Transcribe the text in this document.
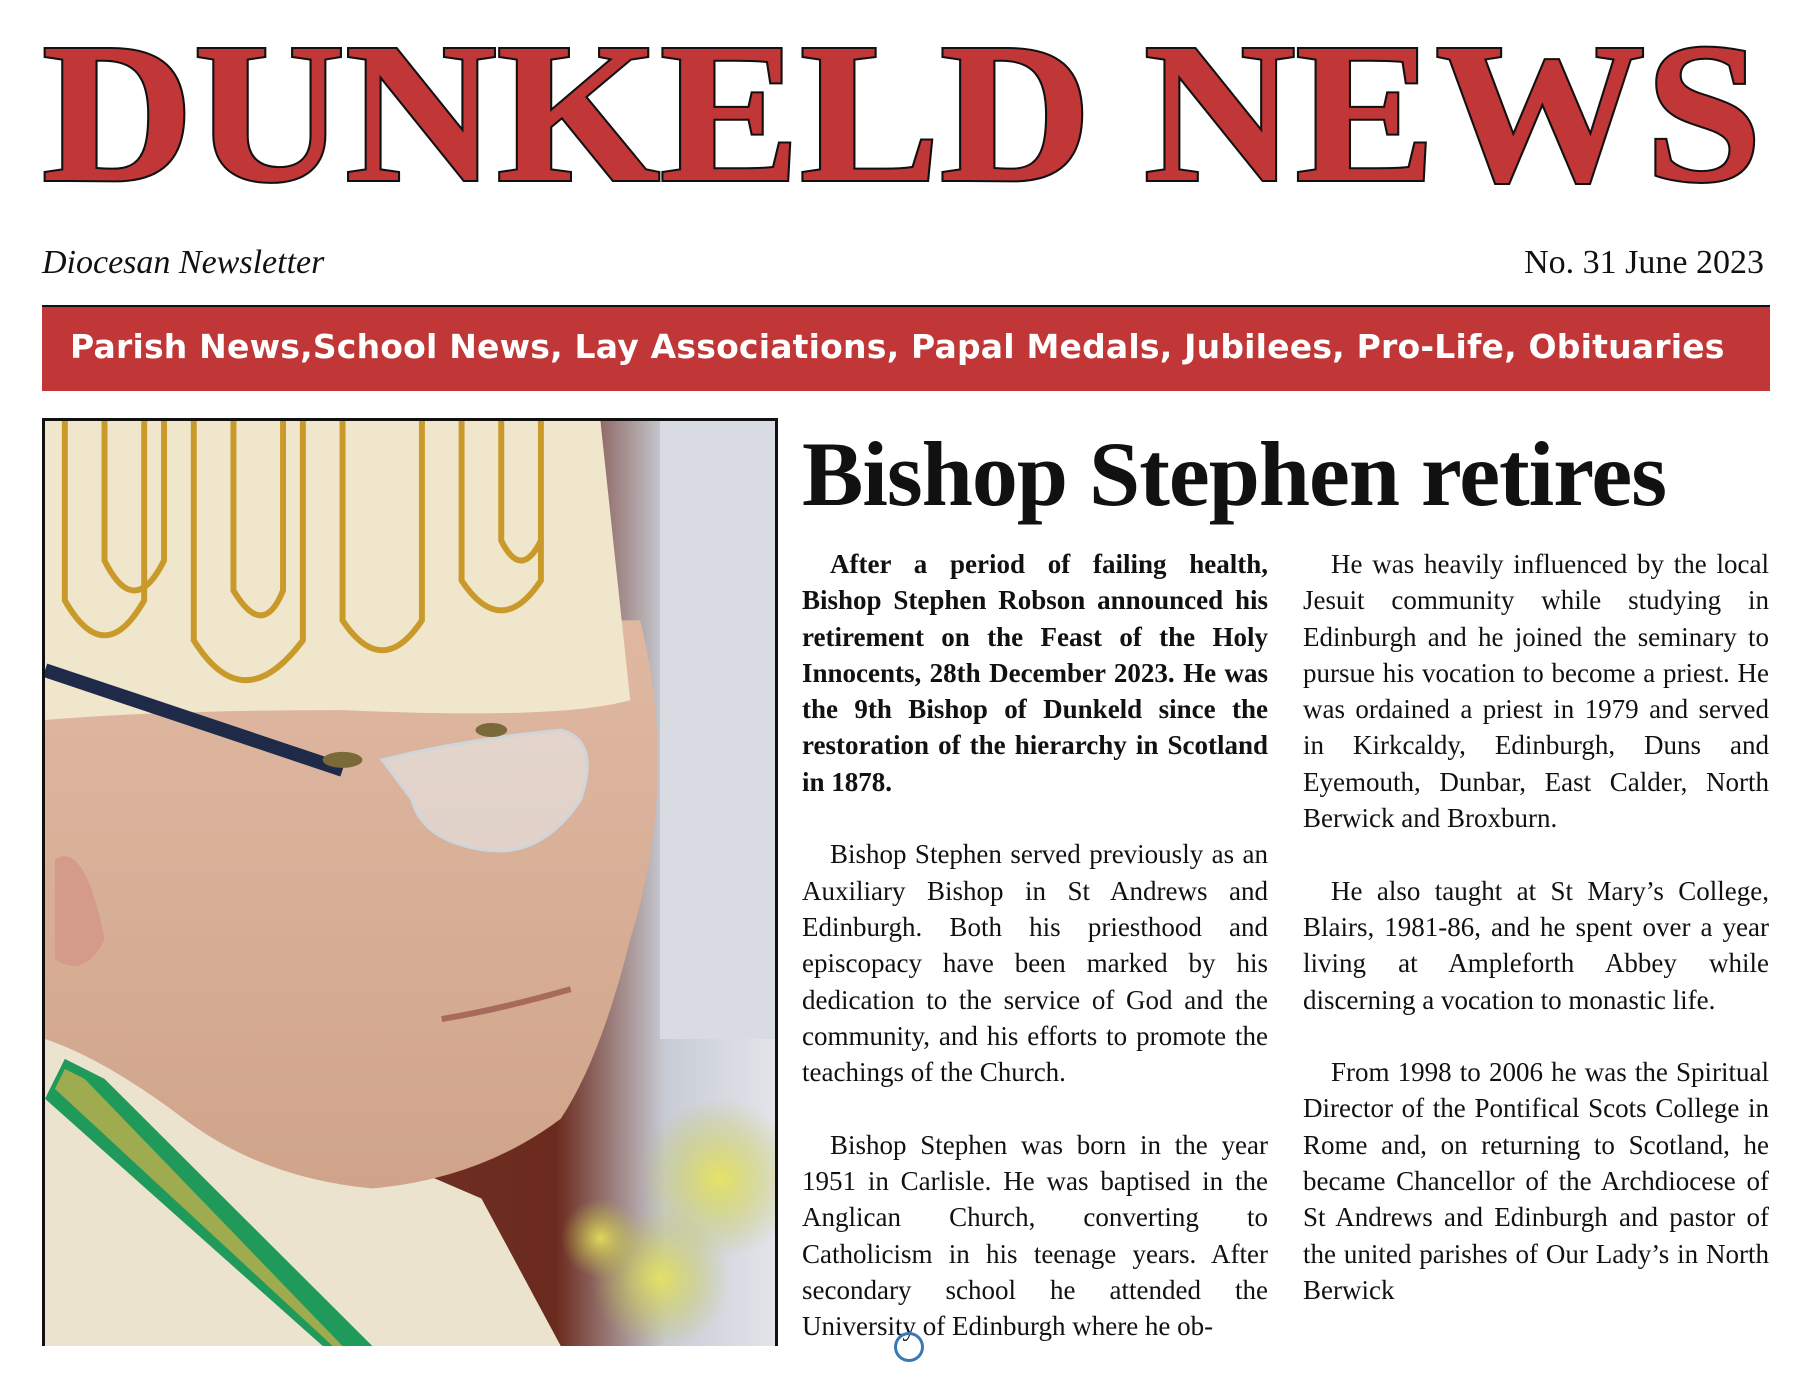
DUNKELD NEWS
Diocesan Newsletter	No. 31 June 2023
Parish News,School News, Lay Associations, Papal Medals, Jubilees, Pro-Life, Obituaries
Bishop Stephen retires

After a period of failing health, Bishop Stephen Robson announced his retirement on the Feast of the Holy Innocents, 28th December 2023. He was the 9th Bishop of Dunkeld since the restoration of the hierarchy in Scotland in 1878.

Bishop Stephen served previously as an Auxiliary Bishop in St Andrews and Edinburgh. Both his priesthood and episcopacy have been marked by his dedication to the service of God and the community, and his efforts to promote the teachings of the Church.

Bishop Stephen was born in the year 1951 in Carlisle. He was baptised in the Anglican Church, converting to Catholicism in his teenage years. After secondary school he attended the University of Edinburgh where he ob-

He was heavily influenced by the local Jesuit community while studying in Edinburgh and he joined the seminary to pursue his vocation to become a priest. He was ordained a priest in 1979 and served in Kirkcaldy, Edinburgh, Duns and Eyemouth, Dunbar, East Calder, North Berwick and Broxburn.

He also taught at St Mary’s College, Blairs, 1981-86, and he spent over a year living at Ampleforth Abbey while discerning a vocation to monastic life.

From 1998 to 2006 he was the Spiritual Director of the Pontifical Scots College in Rome and, on returning to Scotland, he became Chancellor of the Archdiocese of St Andrews and Edinburgh and pastor of the united parishes of Our Lady’s in North Berwick
